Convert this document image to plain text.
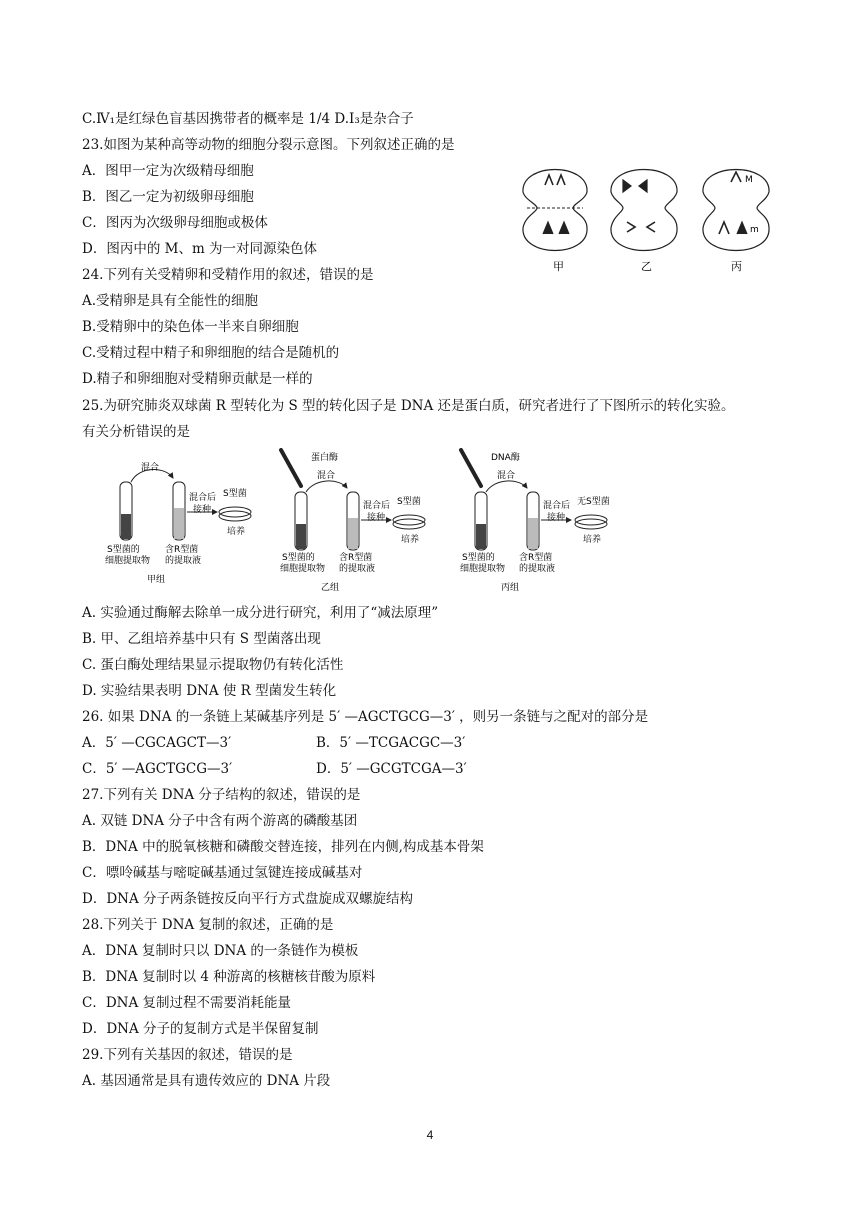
C.Ⅳ₁是红绿色盲基因携带者的概率是 1/4 D.Ⅰ₃是杂合子
23.如图为某种高等动物的细胞分裂示意图。下列叙述正确的是
A．图甲一定为次级精母细胞
B．图乙一定为初级卵母细胞
C．图丙为次级卵母细胞或极体
D．图丙中的 M、m 为一对同源染色体
24.下列有关受精卵和受精作用的叙述，错误的是
A.受精卵是具有全能性的细胞
B.受精卵中的染色体一半来自卵细胞
C.受精过程中精子和卵细胞的结合是随机的
D.精子和卵细胞对受精卵贡献是一样的
25.为研究肺炎双球菌 R 型转化为 S 型的转化因子是 DNA 还是蛋白质，研究者进行了下图所示的转化实验。
有关分析错误的是
A. 实验通过酶解去除单一成分进行研究，利用了“减法原理”
B. 甲、乙组培养基中只有 S 型菌落出现
C. 蛋白酶处理结果显示提取物仍有转化活性
D. 实验结果表明 DNA 使 R 型菌发生转化
26. 如果 DNA 的一条链上某碱基序列是 5′ —AGCTGCG—3′ ，则另一条链与之配对的部分是
27.下列有关 DNA 分子结构的叙述，错误的是
A. 双链 DNA 分子中含有两个游离的磷酸基团
B．DNA 中的脱氧核糖和磷酸交替连接，排列在内侧,构成基本骨架
C．嘌呤碱基与嘧啶碱基通过氢键连接成碱基对
D．DNA 分子两条链按反向平行方式盘旋成双螺旋结构
28.下列关于 DNA 复制的叙述，正确的是
A．DNA 复制时只以 DNA 的一条链作为模板
B．DNA 复制时以 4 种游离的核糖核苷酸为原料
C．DNA 复制过程不需要消耗能量
D．DNA 分子的复制方式是半保留复制
29.下列有关基因的叙述，错误的是
A. 基因通常是具有遗传效应的 DNA 片段
A．5′ —CGCAGCT—3′	B．5′ —TCGACGC—3′
C．5′ —AGCTGCG—3′	D．5′ —GCGTCGA—3′
M
m
甲	乙	丙
混合
混合后接种
S型菌
培养
S型菌的细胞提取物
含R型菌的提取液
甲组
蛋白酶
混合
混合后接种
S型菌
培养
S型菌的细胞提取物
含R型菌的提取液
乙组
DNA酶
混合
混合后接种
无S型菌
培养
S型菌的细胞提取物
含R型菌的提取液
丙组
4
